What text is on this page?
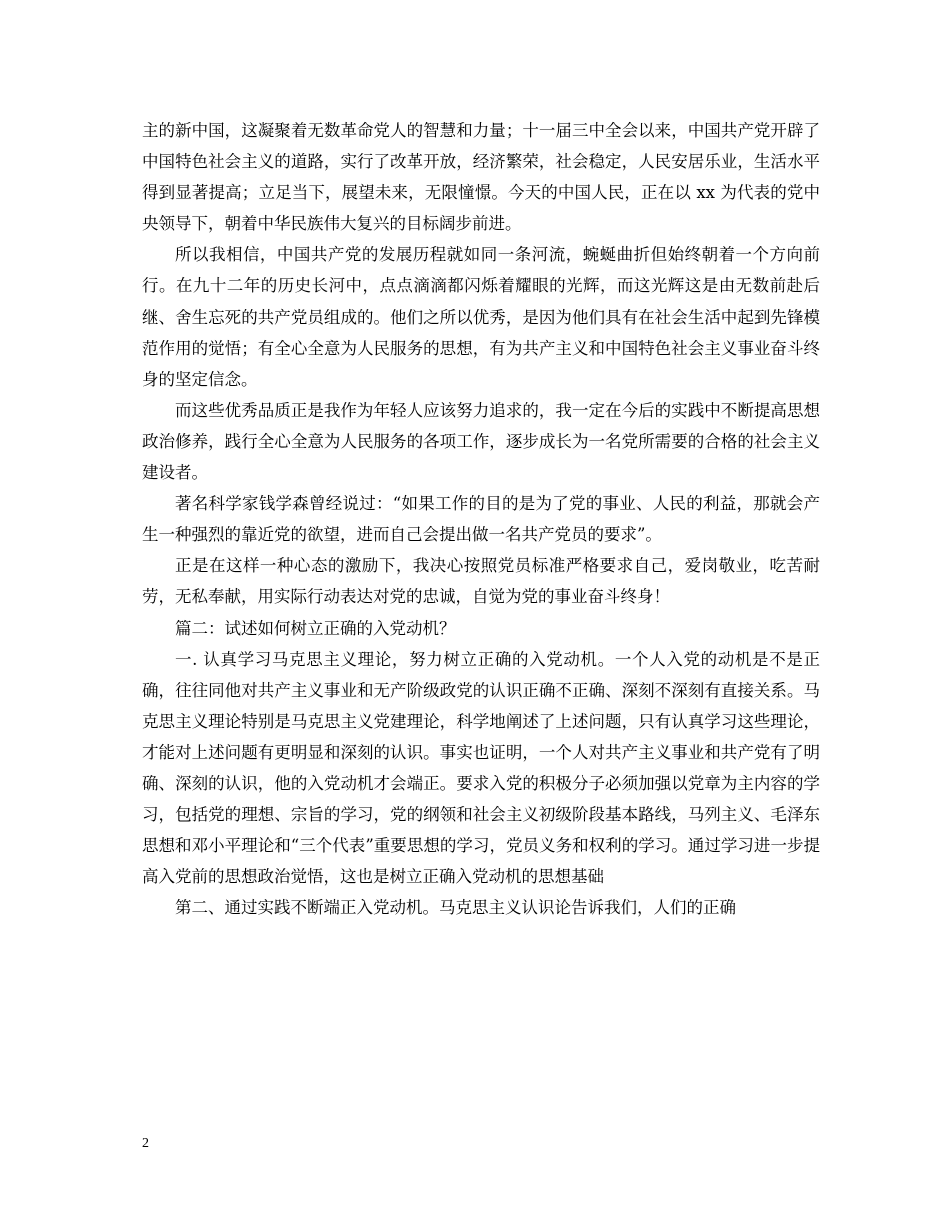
主的新中国，这凝聚着无数革命党人的智慧和力量；十一届三中全会以来，中国共产党开辟了中国特色社会主义的道路，实行了改革开放，经济繁荣，社会稳定，人民安居乐业，生活水平得到显著提高；立足当下，展望未来，无限憧憬。今天的中国人民，正在以 xx 为代表的党中央领导下，朝着中华民族伟大复兴的目标阔步前进。

所以我相信，中国共产党的发展历程就如同一条河流，蜿蜒曲折但始终朝着一个方向前行。在九十二年的历史长河中，点点滴滴都闪烁着耀眼的光辉，而这光辉这是由无数前赴后继、舍生忘死的共产党员组成的。他们之所以优秀，是因为他们具有在社会生活中起到先锋模范作用的觉悟；有全心全意为人民服务的思想，有为共产主义和中国特色社会主义事业奋斗终身的坚定信念。

而这些优秀品质正是我作为年轻人应该努力追求的，我一定在今后的实践中不断提高思想政治修养，践行全心全意为人民服务的各项工作，逐步成长为一名党所需要的合格的社会主义建设者。

著名科学家钱学森曾经说过：“如果工作的目的是为了党的事业、人民的利益，那就会产生一种强烈的靠近党的欲望，进而自己会提出做一名共产党员的要求”。

正是在这样一种心态的激励下，我决心按照党员标准严格要求自己，爱岗敬业，吃苦耐劳，无私奉献，用实际行动表达对党的忠诚，自觉为党的事业奋斗终身！

篇二：试述如何树立正确的入党动机？

一. 认真学习马克思主义理论，努力树立正确的入党动机。一个人入党的动机是不是正确，往往同他对共产主义事业和无产阶级政党的认识正确不正确、深刻不深刻有直接关系。马克思主义理论特别是马克思主义党建理论，科学地阐述了上述问题，只有认真学习这些理论，才能对上述问题有更明显和深刻的认识。事实也证明，一个人对共产主义事业和共产党有了明确、深刻的认识，他的入党动机才会端正。要求入党的积极分子必须加强以党章为主内容的学习，包括党的理想、宗旨的学习，党的纲领和社会主义初级阶段基本路线，马列主义、毛泽东思想和邓小平理论和“三个代表”重要思想的学习，党员义务和权利的学习。通过学习进一步提高入党前的思想政治觉悟，这也是树立正确入党动机的思想基础

第二、通过实践不断端正入党动机。马克思主义认识论告诉我们，人们的正确

2
